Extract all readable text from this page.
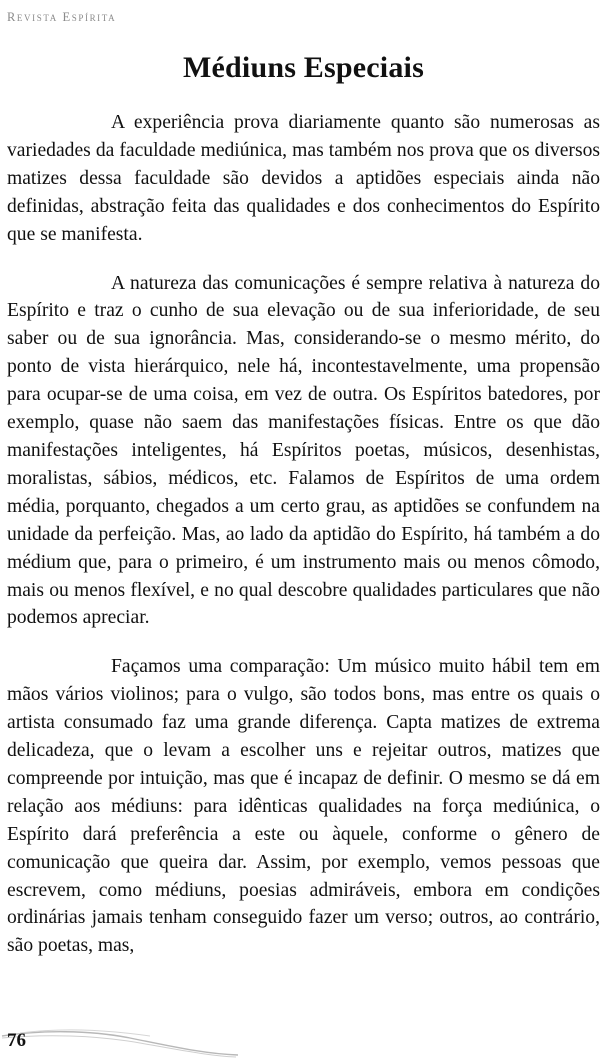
Revista Espírita
Médiuns Especiais

A experiência prova diariamente quanto são numerosas as variedades da faculdade mediúnica, mas também nos prova que os diversos matizes dessa faculdade são devidos a aptidões especiais ainda não definidas, abstração feita das qualidades e dos conhecimentos do Espírito que se manifesta.

A natureza das comunicações é sempre relativa à natureza do Espírito e traz o cunho de sua elevação ou de sua inferioridade, de seu saber ou de sua ignorância. Mas, considerando-se o mesmo mérito, do ponto de vista hierárquico, nele há, incontestavelmente, uma propensão para ocupar-se de uma coisa, em vez de outra. Os Espíritos batedores, por exemplo, quase não saem das manifestações físicas. Entre os que dão manifestações inteligentes, há Espíritos poetas, músicos, desenhistas, moralistas, sábios, médicos, etc. Falamos de Espíritos de uma ordem média, porquanto, chegados a um certo grau, as aptidões se confundem na unidade da perfeição. Mas, ao lado da aptidão do Espírito, há também a do médium que, para o primeiro, é um instrumento mais ou menos cômodo, mais ou menos flexível, e no qual descobre qualidades particulares que não podemos apreciar.

Façamos uma comparação: Um músico muito hábil tem em mãos vários violinos; para o vulgo, são todos bons, mas entre os quais o artista consumado faz uma grande diferença. Capta matizes de extrema delicadeza, que o levam a escolher uns e rejeitar outros, matizes que compreende por intuição, mas que é incapaz de definir. O mesmo se dá em relação aos médiuns: para idênticas qualidades na força mediúnica, o Espírito dará preferência a este ou àquele, conforme o gênero de comunicação que queira dar. Assim, por exemplo, vemos pessoas que escrevem, como médiuns, poesias admiráveis, embora em condições ordinárias jamais tenham conseguido fazer um verso; outros, ao contrário, são poetas, mas,

76
